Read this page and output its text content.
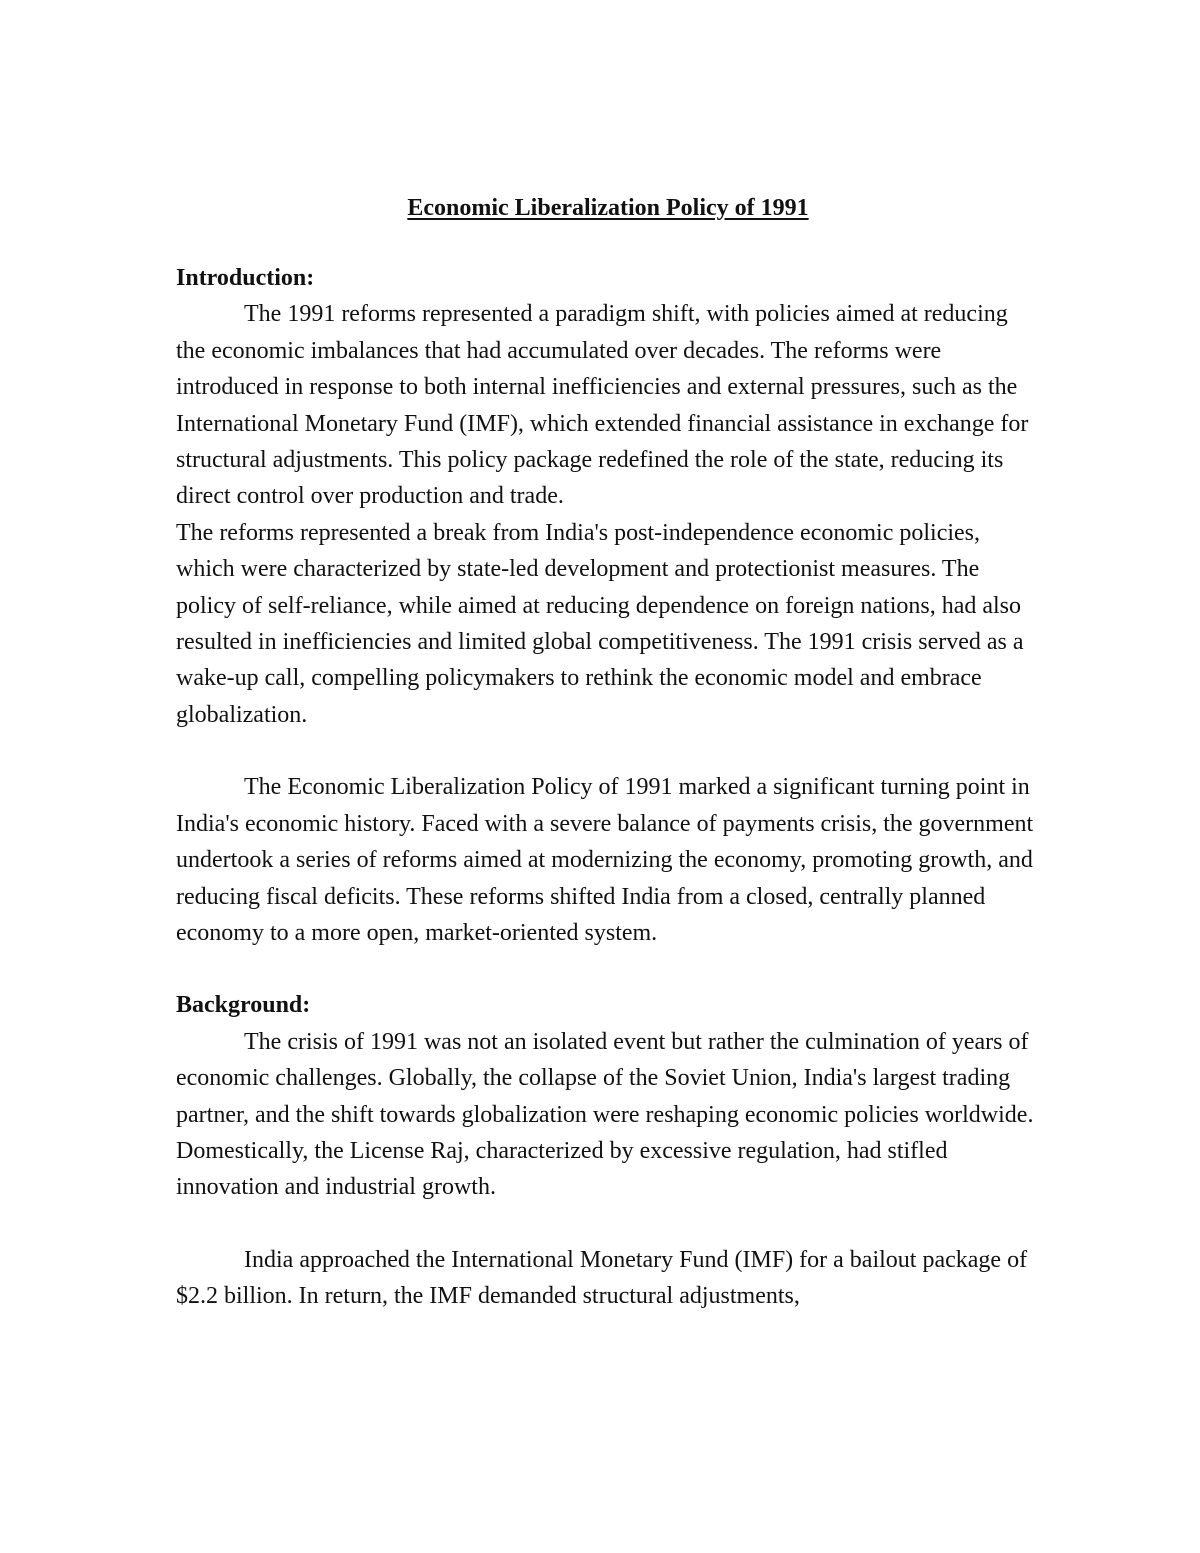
Economic Liberalization Policy of 1991

Introduction:

The 1991 reforms represented a paradigm shift, with policies aimed at reducing the economic imbalances that had accumulated over decades. The reforms were introduced in response to both internal inefficiencies and external pressures, such as the International Monetary Fund (IMF), which extended financial assistance in exchange for structural adjustments. This policy package redefined the role of the state, reducing its direct control over production and trade.

The reforms represented a break from India's post-independence economic policies, which were characterized by state-led development and protectionist measures. The policy of self-reliance, while aimed at reducing dependence on foreign nations, had also resulted in inefficiencies and limited global competitiveness. The 1991 crisis served as a wake-up call, compelling policymakers to rethink the economic model and embrace globalization.

The Economic Liberalization Policy of 1991 marked a significant turning point in India's economic history. Faced with a severe balance of payments crisis, the government undertook a series of reforms aimed at modernizing the economy, promoting growth, and reducing fiscal deficits. These reforms shifted India from a closed, centrally planned economy to a more open, market-oriented system.

Background:

The crisis of 1991 was not an isolated event but rather the culmination of years of economic challenges. Globally, the collapse of the Soviet Union, India's largest trading partner, and the shift towards globalization were reshaping economic policies worldwide. Domestically, the License Raj, characterized by excessive regulation, had stifled innovation and industrial growth.

India approached the International Monetary Fund (IMF) for a bailout package of $2.2 billion. In return, the IMF demanded structural adjustments,
